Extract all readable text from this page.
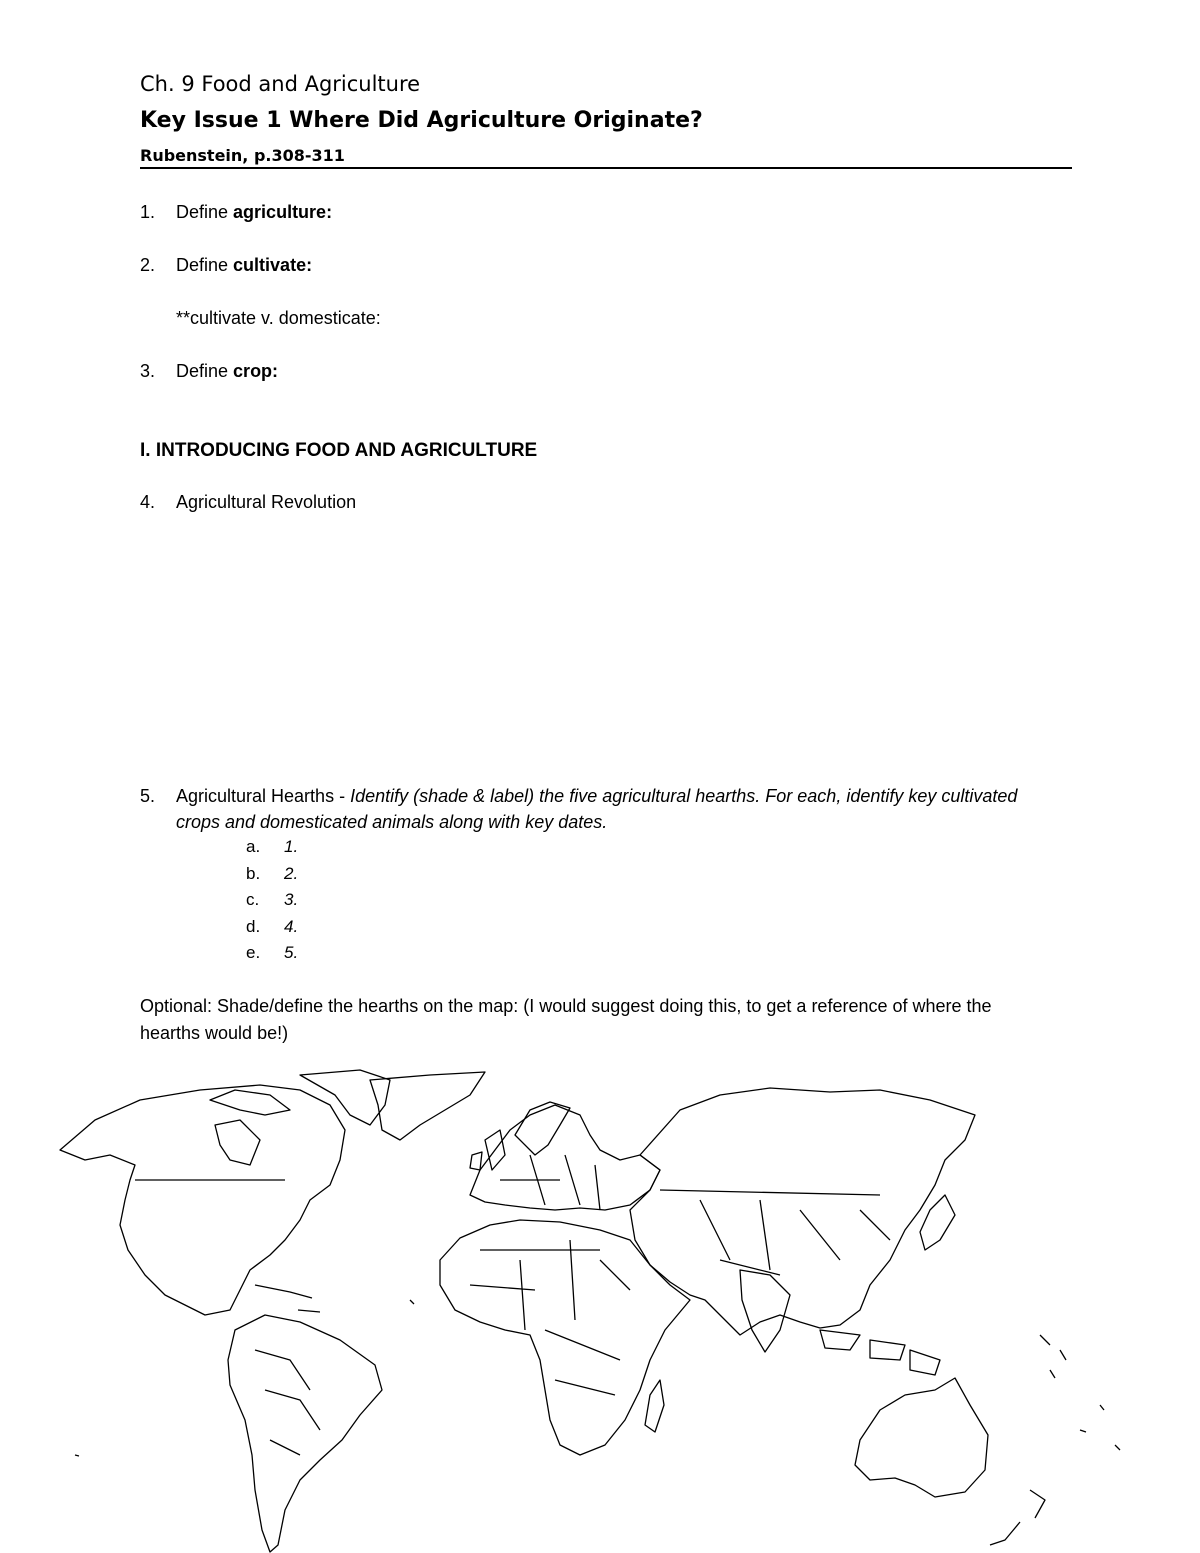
Ch. 9 Food and Agriculture
Key Issue 1 Where Did Agriculture Originate?
Rubenstein, p.308-311
1. Define agriculture:
2. Define cultivate:
**cultivate v. domesticate:
3. Define crop:
I. INTRODUCING FOOD AND AGRICULTURE
4. Agricultural Revolution
5. Agricultural Hearths - Identify (shade & label) the five agricultural hearths. For each, identify key cultivated crops and domesticated animals along with key dates.
a. 1.
b. 2.
c. 3.
d. 4.
e. 5.
Optional: Shade/define the hearths on the map: (I would suggest doing this, to get a reference of where the hearths would be!)
